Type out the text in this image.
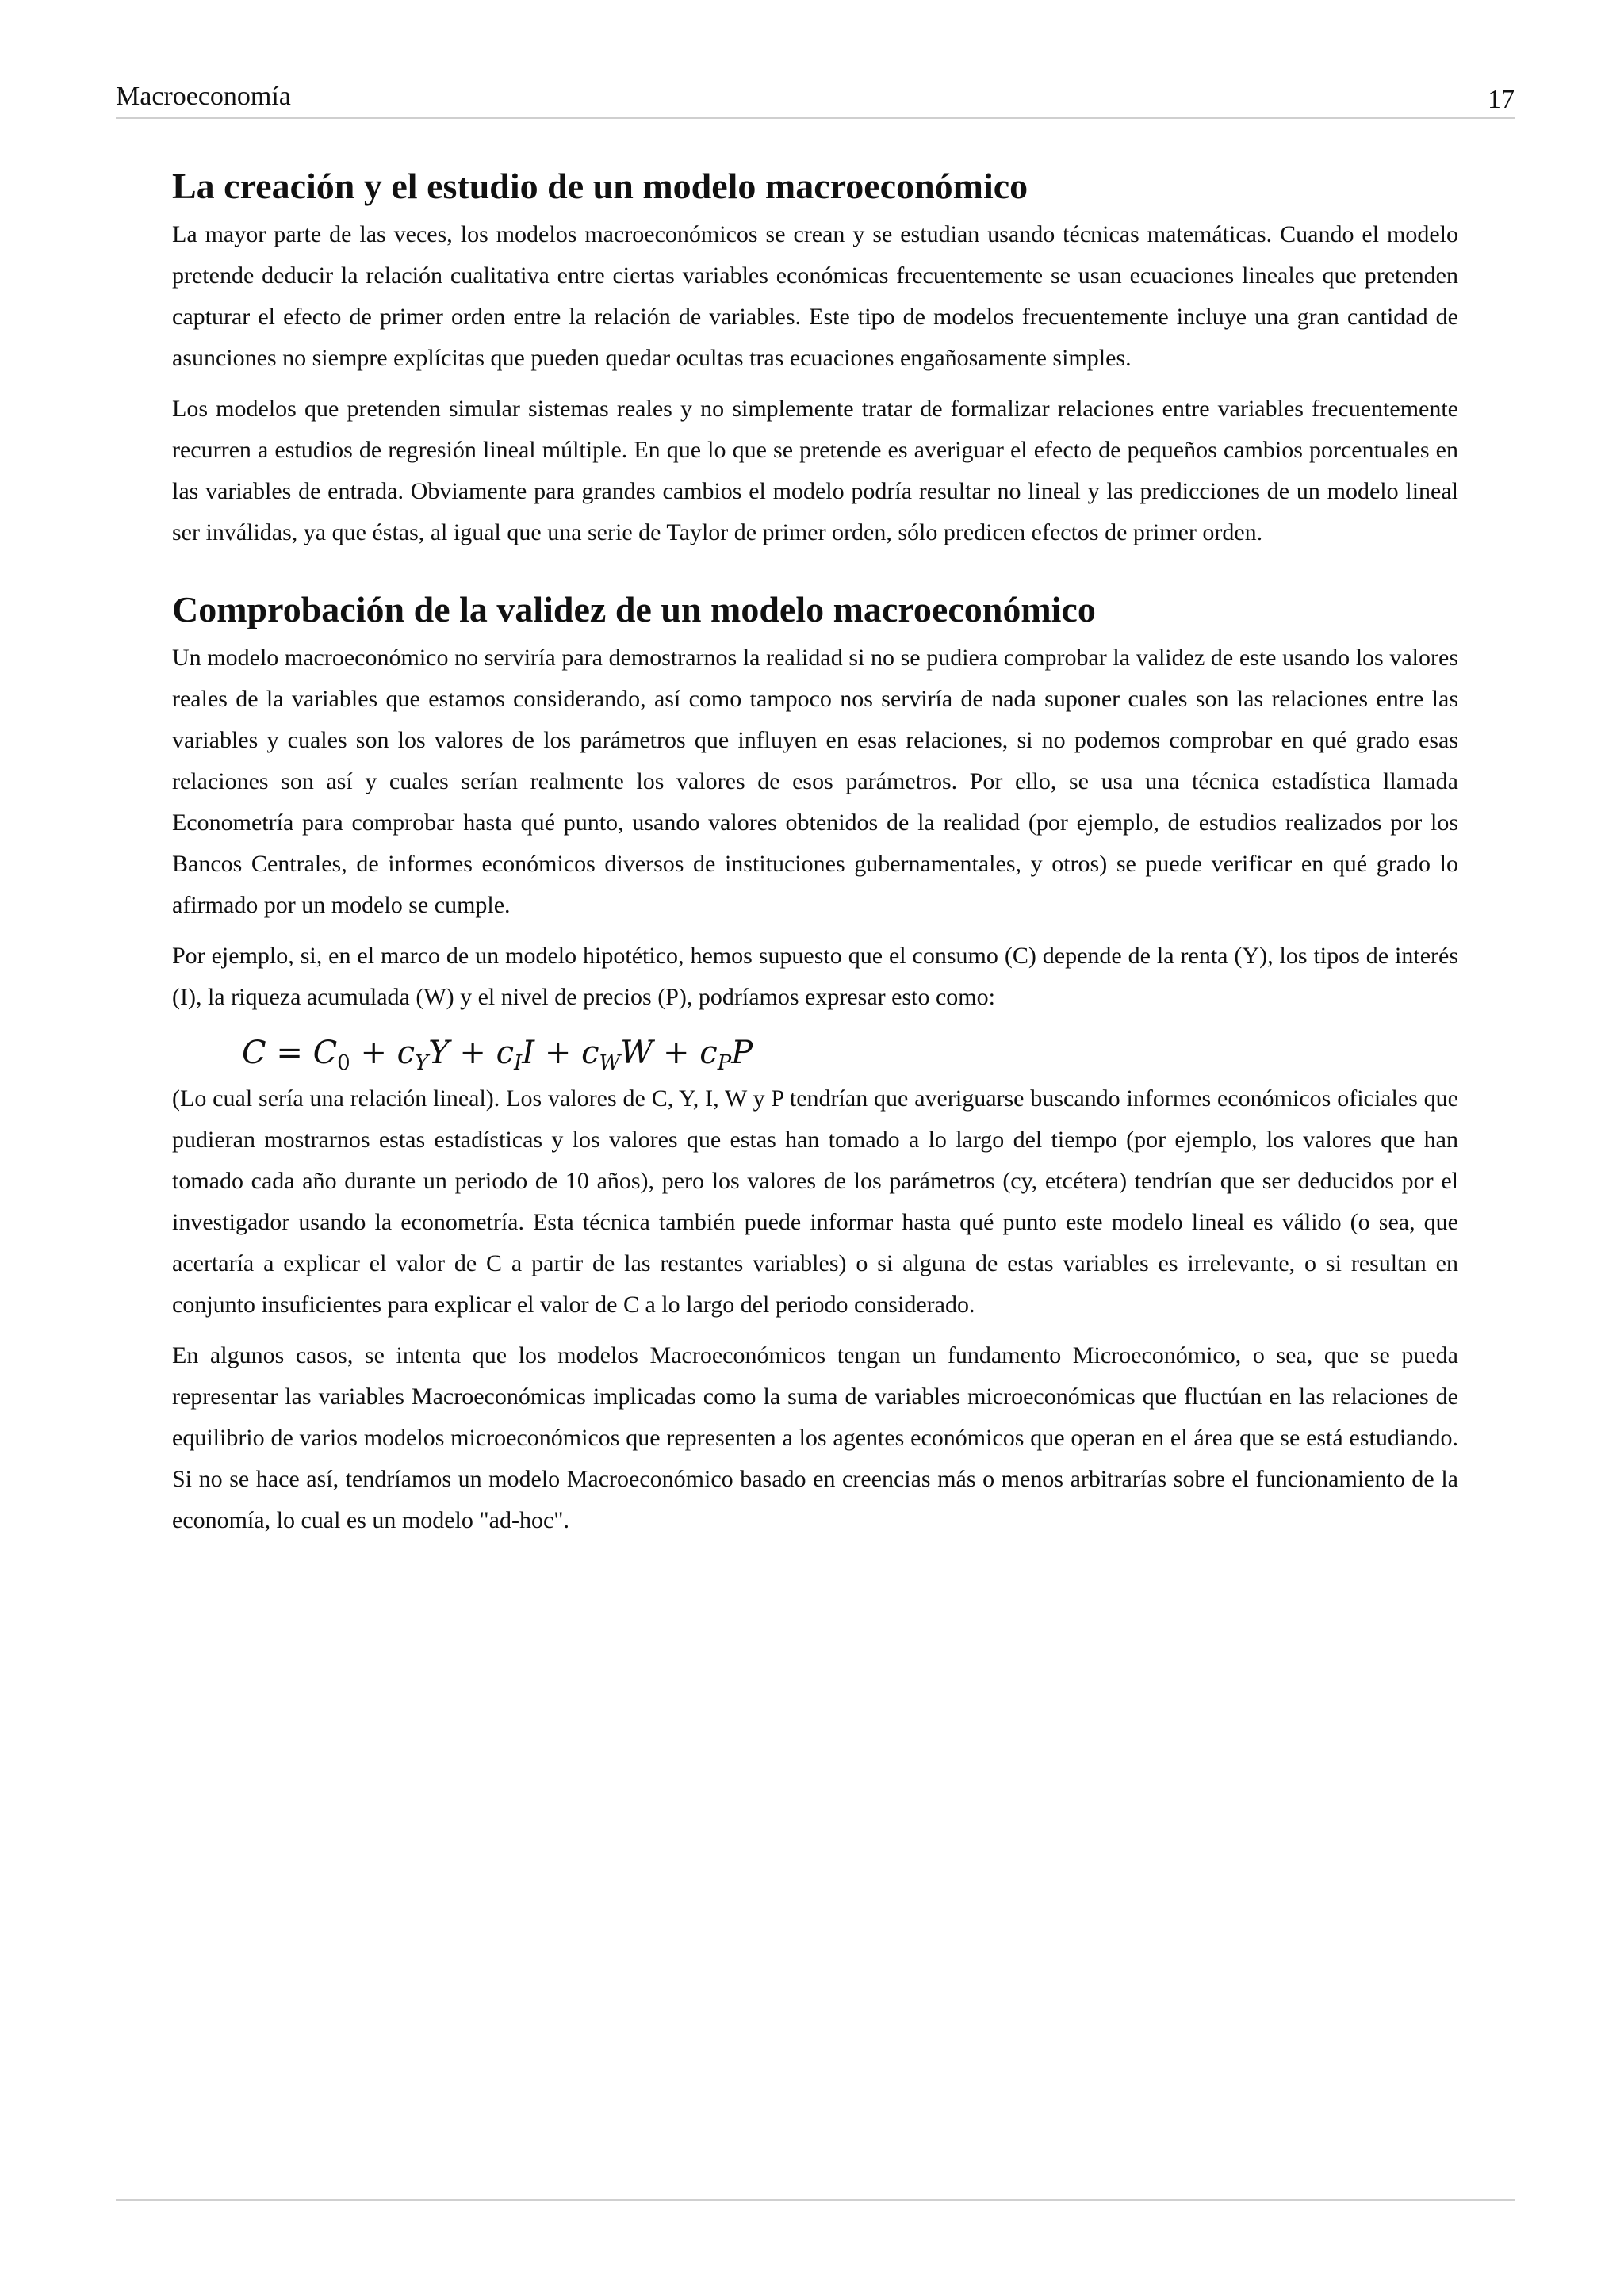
Macroeconomía	17
La creación y el estudio de un modelo macroeconómico

La mayor parte de las veces, los modelos macroeconómicos se crean y se estudian usando técnicas matemáticas. Cuando el modelo pretende deducir la relación cualitativa entre ciertas variables económicas frecuentemente se usan ecuaciones lineales que pretenden capturar el efecto de primer orden entre la relación de variables. Este tipo de modelos frecuentemente incluye una gran cantidad de asunciones no siempre explícitas que pueden quedar ocultas tras ecuaciones engañosamente simples.

Los modelos que pretenden simular sistemas reales y no simplemente tratar de formalizar relaciones entre variables frecuentemente recurren a estudios de regresión lineal múltiple. En que lo que se pretende es averiguar el efecto de pequeños cambios porcentuales en las variables de entrada. Obviamente para grandes cambios el modelo podría resultar no lineal y las predicciones de un modelo lineal ser inválidas, ya que éstas, al igual que una serie de Taylor de primer orden, sólo predicen efectos de primer orden.

Comprobación de la validez de un modelo macroeconómico

Un modelo macroeconómico no serviría para demostrarnos la realidad si no se pudiera comprobar la validez de este usando los valores reales de la variables que estamos considerando, así como tampoco nos serviría de nada suponer cuales son las relaciones entre las variables y cuales son los valores de los parámetros que influyen en esas relaciones, si no podemos comprobar en qué grado esas relaciones son así y cuales serían realmente los valores de esos parámetros. Por ello, se usa una técnica estadística llamada Econometría para comprobar hasta qué punto, usando valores obtenidos de la realidad (por ejemplo, de estudios realizados por los Bancos Centrales, de informes económicos diversos de instituciones gubernamentales, y otros) se puede verificar en qué grado lo afirmado por un modelo se cumple.

Por ejemplo, si, en el marco de un modelo hipotético, hemos supuesto que el consumo (C) depende de la renta (Y), los tipos de interés (I), la riqueza acumulada (W) y el nivel de precios (P), podríamos expresar esto como:

$C = C_0 + c_YY + c_II + c_WW + c_PP$

(Lo cual sería una relación lineal). Los valores de C, Y, I, W y P tendrían que averiguarse buscando informes económicos oficiales que pudieran mostrarnos estas estadísticas y los valores que estas han tomado a lo largo del tiempo (por ejemplo, los valores que han tomado cada año durante un periodo de 10 años), pero los valores de los parámetros (cy, etcétera) tendrían que ser deducidos por el investigador usando la econometría. Esta técnica también puede informar hasta qué punto este modelo lineal es válido (o sea, que acertaría a explicar el valor de C a partir de las restantes variables) o si alguna de estas variables es irrelevante, o si resultan en conjunto insuficientes para explicar el valor de C a lo largo del periodo considerado.

En algunos casos, se intenta que los modelos Macroeconómicos tengan un fundamento Microeconómico, o sea, que se pueda representar las variables Macroeconómicas implicadas como la suma de variables microeconómicas que fluctúan en las relaciones de equilibrio de varios modelos microeconómicos que representen a los agentes económicos que operan en el área que se está estudiando. Si no se hace así, tendríamos un modelo Macroeconómico basado en creencias más o menos arbitrarías sobre el funcionamiento de la economía, lo cual es un modelo "ad-hoc".
